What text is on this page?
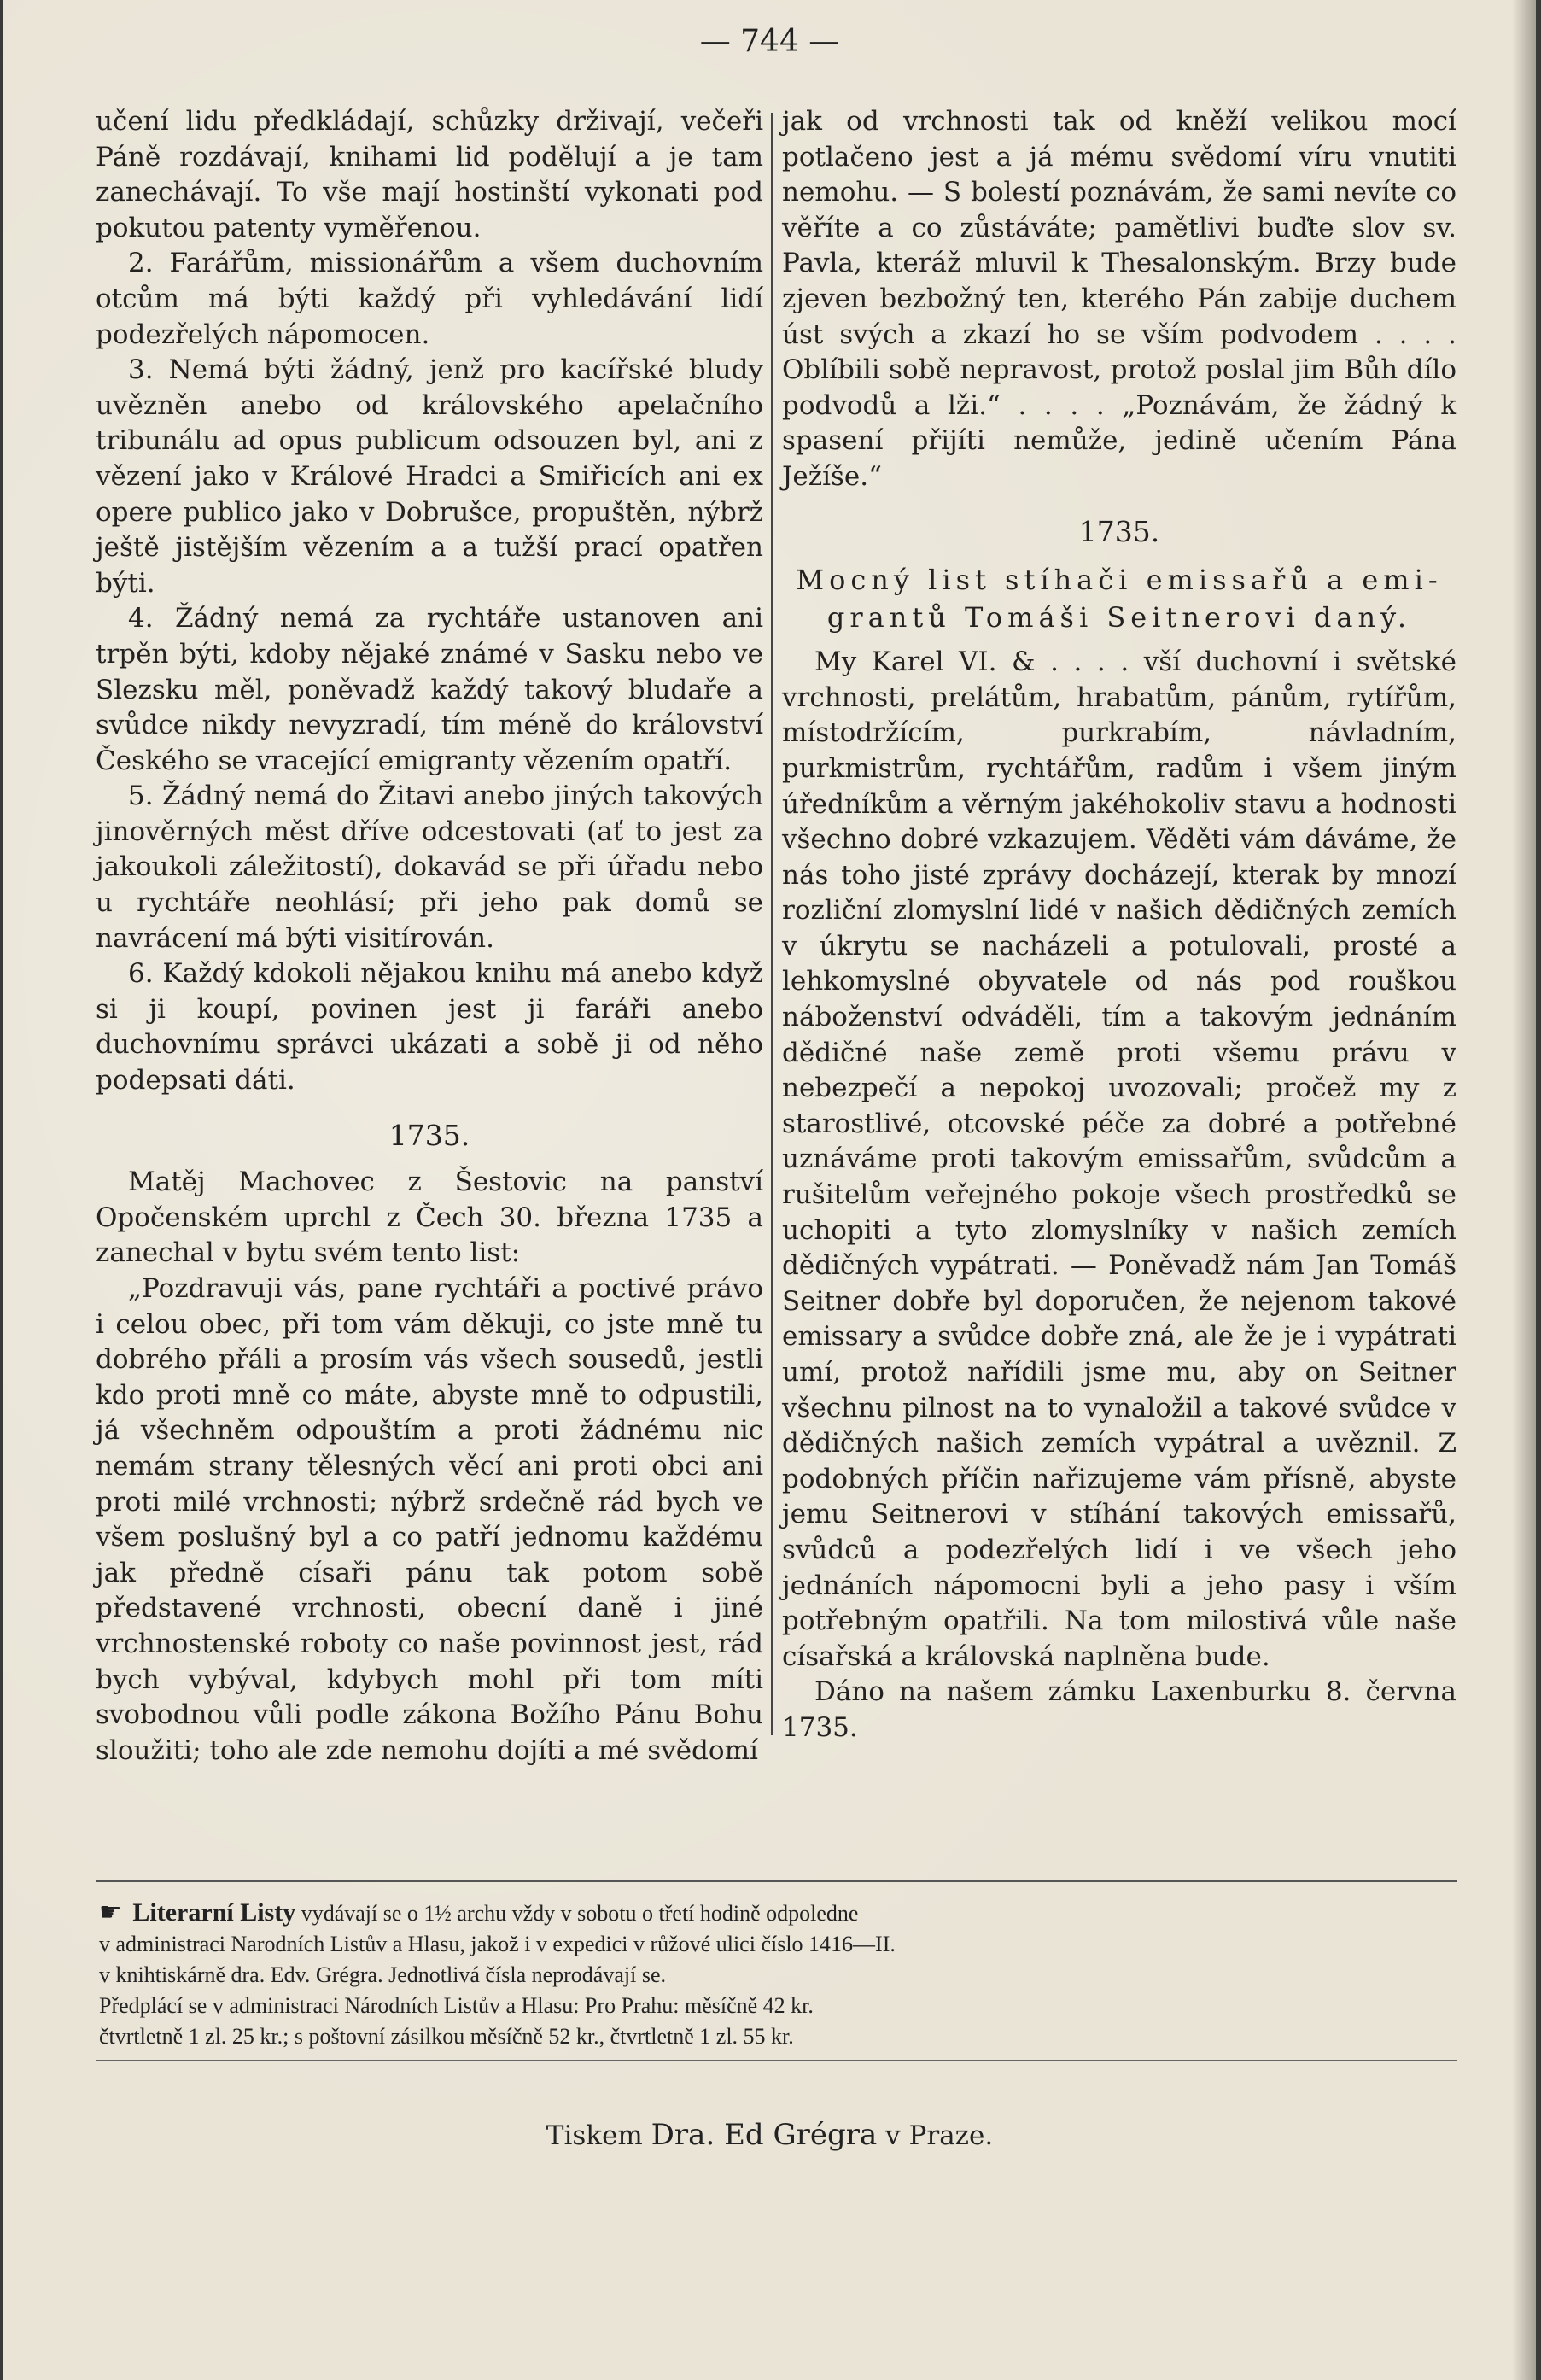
— 744 —

učení lidu předkládají, schůzky drživají, večeři Páně rozdávají, knihami lid podělují a je tam zanechávají. To vše mají hostinští vykonati pod pokutou patenty vyměřenou.

2. Farářům, missionářům a všem duchovním otcům má býti každý při vyhledávání lidí podezřelých nápomocen.

3. Nemá býti žádný, jenž pro kacířské bludy uvězněn anebo od královského apelačního tribunálu ad opus publicum odsouzen byl, ani z vězení jako v Králové Hradci a Smiřicích ani ex opere publico jako v Dobrušce, propuštěn, nýbrž ještě jistějším vězením a a tužší prací opatřen býti.

4. Žádný nemá za rychtáře ustanoven ani trpěn býti, kdoby nějaké známé v Sasku nebo ve Slezsku měl, poněvadž každý takový bludaře a svůdce nikdy nevyzradí, tím méně do království Českého se vracející emigranty vězením opatří.

5. Žádný nemá do Žitavi anebo jiných takových jinověrných měst dříve odcestovati (ať to jest za jakoukoli záležitostí), dokavád se při úřadu nebo u rychtáře neohlásí; při jeho pak domů se navrácení má býti visitírován.

6. Každý kdokoli nějakou knihu má anebo když si ji koupí, povinen jest ji faráři anebo duchovnímu správci ukázati a sobě ji od něho podepsati dáti.

1735.

Matěj Machovec z Šestovic na panství Opočenském uprchl z Čech 30. března 1735 a zanechal v bytu svém tento list:

„Pozdravuji vás, pane rychtáři a poctivé právo i celou obec, při tom vám děkuji, co jste mně tu dobrého přáli a prosím vás všech sousedů, jestli kdo proti mně co máte, abyste mně to odpustili, já všechněm odpouštím a proti žádnému nic nemám strany tělesných věcí ani proti obci ani proti milé vrchnosti; nýbrž srdečně rád bych ve všem poslušný byl a co patří jednomu každému jak předně císaři pánu tak potom sobě představené vrchnosti, obecní daně i jiné vrchnostenské roboty co naše povinnost jest, rád bych vybýval, kdybych mohl při tom míti svobodnou vůli podle zákona Božího Pánu Bohu sloužiti; toho ale zde nemohu dojíti a mé svědomí

jak od vrchnosti tak od kněží velikou mocí potlačeno jest a já mému svědomí víru vnutiti nemohu. — S bolestí poznávám, že sami nevíte co věříte a co zůstáváte; pamětlivi buďte slov sv. Pavla, kteráž mluvil k Thesalonským. Brzy bude zjeven bezbožný ten, kterého Pán zabije duchem úst svých a zkazí ho se vším podvodem . . . . Oblíbili sobě nepravost, protož poslal jim Bůh dílo podvodů a lži.“ . . . . „Poznávám, že žádný k spasení přijíti nemůže, jedině učením Pána Ježíše.“

1735.

Mocný list stíhači emissařů a emi-
grantů Tomáši Seitnerovi daný.

My Karel VI. & . . . . vší duchovní i světské vrchnosti, prelátům, hrabatům, pánům, rytířům, místodržícím, purkrabím, návladním, purkmistrům, rychtářům, radům i všem jiným úředníkům a věrným jakéhokoliv stavu a hodnosti všechno dobré vzkazujem. Věděti vám dáváme, že nás toho jisté zprávy docházejí, kterak by mnozí rozliční zlomyslní lidé v našich dědičných zemích v úkrytu se nacházeli a potulovali, prosté a lehkomyslné obyvatele od nás pod rouškou náboženství odváděli, tím a takovým jednáním dědičné naše země proti všemu právu v nebezpečí a nepokoj uvozovali; pročež my z starostlivé, otcovské péče za dobré a potřebné uznáváme proti takovým emissařům, svůdcům a rušitelům veřejného pokoje všech prostředků se uchopiti a tyto zlomyslníky v našich zemích dědičných vypátrati. — Poněvadž nám Jan Tomáš Seitner dobře byl doporučen, že nejenom takové emissary a svůdce dobře zná, ale že je i vypátrati umí, protož nařídili jsme mu, aby on Seitner všechnu pilnost na to vynaložil a takové svůdce v dědičných našich zemích vypátral a uvěznil. Z podobných příčin nařizujeme vám přísně, abyste jemu Seitnerovi v stíhání takových emissařů, svůdců a podezřelých lidí i ve všech jeho jednáních nápomocni byli a jeho pasy i vším potřebným opatřili. Na tom milostivá vůle naše císařská a královská naplněna bude.

Dáno na našem zámku Laxenburku 8. června 1735.

☛ Literarní Listy vydávají se o 1½ archu vždy v sobotu o třetí hodině odpoledne
v administraci Narodních Listův a Hlasu, jakož i v expedici v růžové ulici číslo 1416—II.
v knihtiskárně dra. Edv. Grégra. Jednotlivá čísla neprodávají se.
Předplácí se v administraci Národních Listův a Hlasu: Pro Prahu: měsíčně 42 kr.
čtvrtletně 1 zl. 25 kr.; s poštovní zásilkou měsíčně 52 kr., čtvrtletně 1 zl. 55 kr.
Tiskem Dra. Ed Grégra v Praze.
